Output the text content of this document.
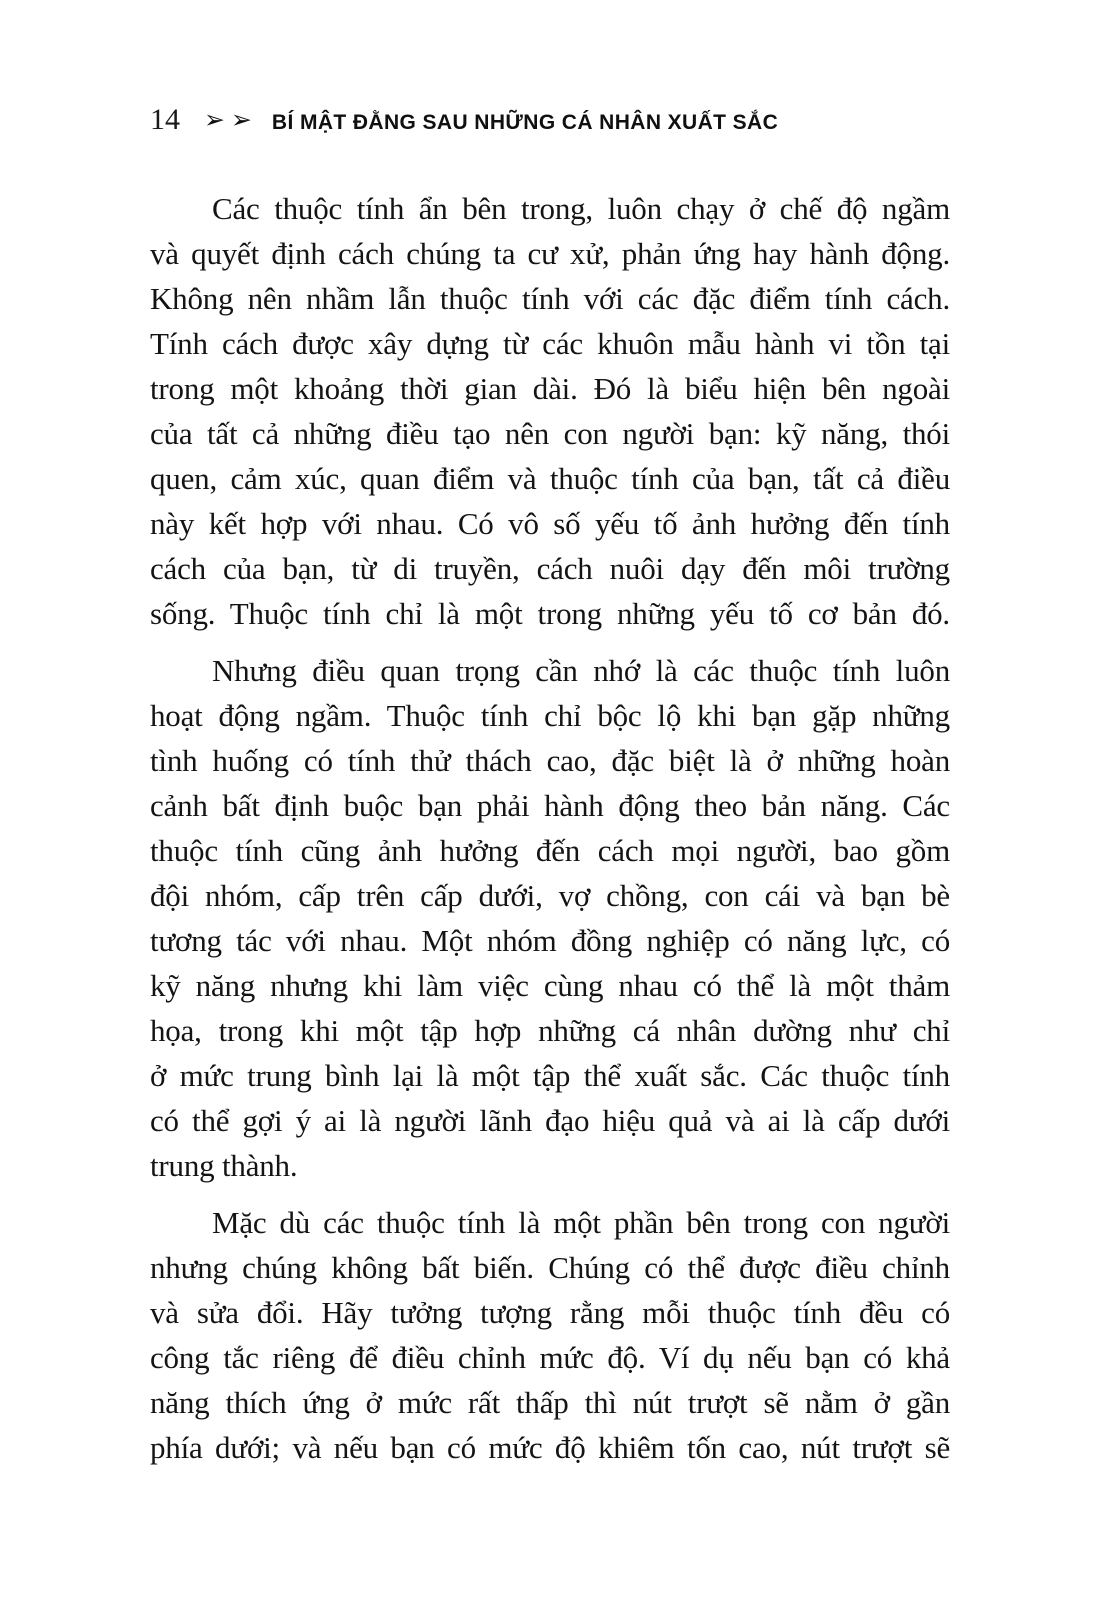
14 ➢➢ BÍ MẬT ĐẰNG SAU NHỮNG CÁ NHÂN XUẤT SẮC
Các thuộc tính ẩn bên trong, luôn chạy ở chế độ ngầm
và quyết định cách chúng ta cư xử, phản ứng hay hành động.
Không nên nhầm lẫn thuộc tính với các đặc điểm tính cách.
Tính cách được xây dựng từ các khuôn mẫu hành vi tồn tại
trong một khoảng thời gian dài. Đó là biểu hiện bên ngoài
của tất cả những điều tạo nên con người bạn: kỹ năng, thói
quen, cảm xúc, quan điểm và thuộc tính của bạn, tất cả điều
này kết hợp với nhau. Có vô số yếu tố ảnh hưởng đến tính
cách của bạn, từ di truyền, cách nuôi dạy đến môi trường
sống. Thuộc tính chỉ là một trong những yếu tố cơ bản đó.
Nhưng điều quan trọng cần nhớ là các thuộc tính luôn
hoạt động ngầm. Thuộc tính chỉ bộc lộ khi bạn gặp những
tình huống có tính thử thách cao, đặc biệt là ở những hoàn
cảnh bất định buộc bạn phải hành động theo bản năng. Các
thuộc tính cũng ảnh hưởng đến cách mọi người, bao gồm
đội nhóm, cấp trên cấp dưới, vợ chồng, con cái và bạn bè
tương tác với nhau. Một nhóm đồng nghiệp có năng lực, có
kỹ năng nhưng khi làm việc cùng nhau có thể là một thảm
họa, trong khi một tập hợp những cá nhân dường như chỉ
ở mức trung bình lại là một tập thể xuất sắc. Các thuộc tính
có thể gợi ý ai là người lãnh đạo hiệu quả và ai là cấp dưới
trung thành.
Mặc dù các thuộc tính là một phần bên trong con người
nhưng chúng không bất biến. Chúng có thể được điều chỉnh
và sửa đổi. Hãy tưởng tượng rằng mỗi thuộc tính đều có
công tắc riêng để điều chỉnh mức độ. Ví dụ nếu bạn có khả
năng thích ứng ở mức rất thấp thì nút trượt sẽ nằm ở gần
phía dưới; và nếu bạn có mức độ khiêm tốn cao, nút trượt sẽ
